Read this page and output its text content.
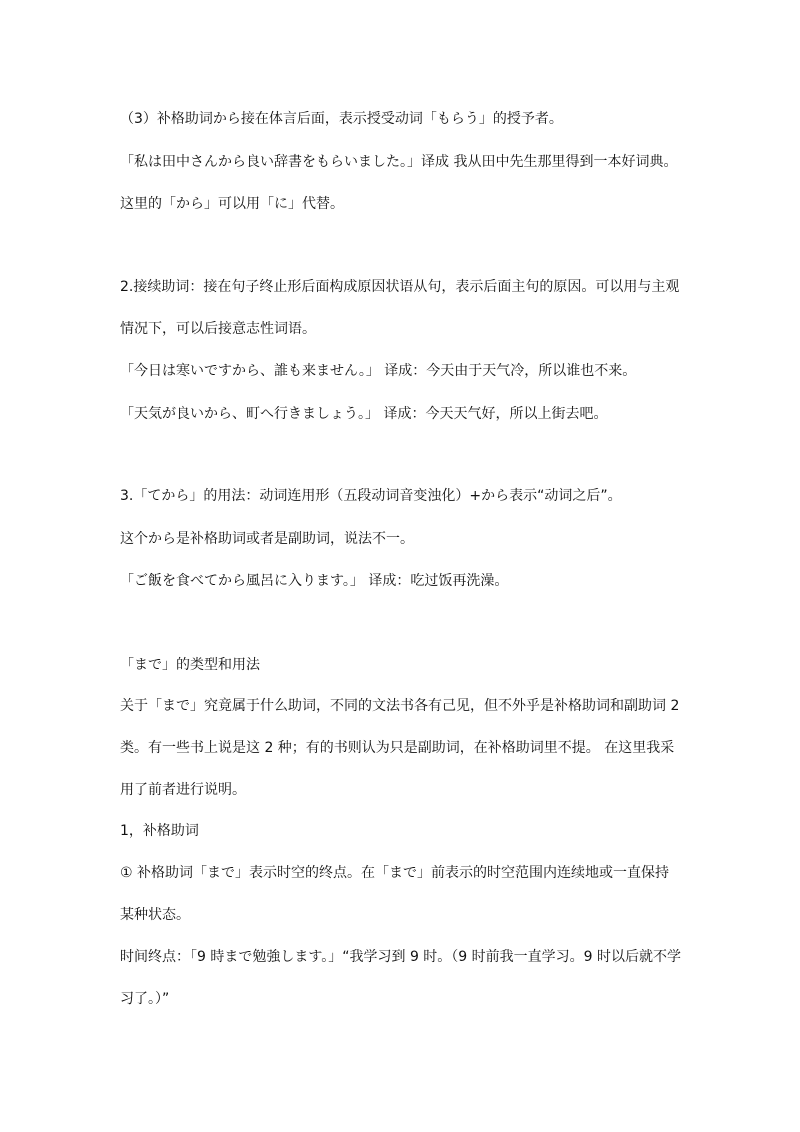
（3）补格助词から接在体言后面，表示授受动词「もらう」的授予者。
「私は田中さんから良い辞書をもらいました。」译成 我从田中先生那里得到一本好词典。
这里的「から」可以用「に」代替。
2.接续助词：接在句子终止形后面构成原因状语从句，表示后面主句的原因。可以用与主观
情况下，可以后接意志性词语。
「今日は寒いですから、誰も来ません。」 译成：今天由于天气冷，所以谁也不来。
「天気が良いから、町へ行きましょう。」 译成：今天天气好，所以上街去吧。
3.「てから」的用法：动词连用形（五段动词音变浊化）+から表示“动词之后”。
这个から是补格助词或者是副助词，说法不一。
「ご飯を食べてから風呂に入ります。」 译成：吃过饭再洗澡。
「まで」的类型和用法
关于「まで」究竟属于什么助词，不同的文法书各有己见，但不外乎是补格助词和副助词 2
类。有一些书上说是这 2 种；有的书则认为只是副助词，在补格助词里不提。 在这里我采
用了前者进行说明。
1，补格助词
① 补格助词「まで」表示时空的终点。在「まで」前表示的时空范围内连续地或一直保持
某种状态。
时间终点：「9 時まで勉強します。」“我学习到 9 时。（9 时前我一直学习。9 时以后就不学
习了。）”
